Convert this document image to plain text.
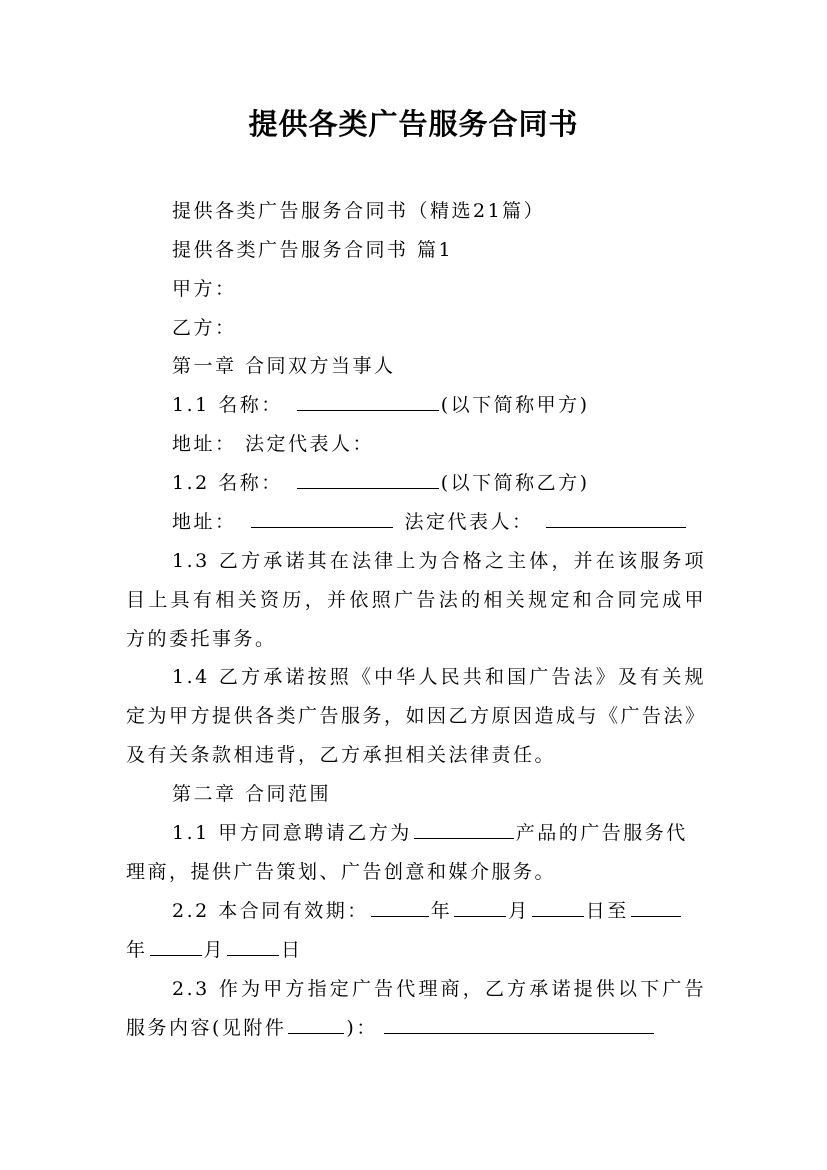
提供各类广告服务合同书
提供各类广告服务合同书（精选21篇）
提供各类广告服务合同书 篇1
甲方：
乙方：
第一章 合同双方当事人
1.1 名称：	(以下简称甲方)
地址： 法定代表人：
1.2 名称：	(以下简称乙方)
地址：	法定代表人：
1.3 乙方承诺其在法律上为合格之主体，并在该服务项
目上具有相关资历，并依照广告法的相关规定和合同完成甲
方的委托事务。
1.4 乙方承诺按照《中华人民共和国广告法》及有关规
定为甲方提供各类广告服务，如因乙方原因造成与《广告法》
及有关条款相违背，乙方承担相关法律责任。
第二章 合同范围
1.1 甲方同意聘请乙方为	产品的广告服务代
理商，提供广告策划、广告创意和媒介服务。
2.2 本合同有效期：	年	月	日至
年	月	日
2.3 作为甲方指定广告代理商，乙方承诺提供以下广告
服务内容(见附件	)：
